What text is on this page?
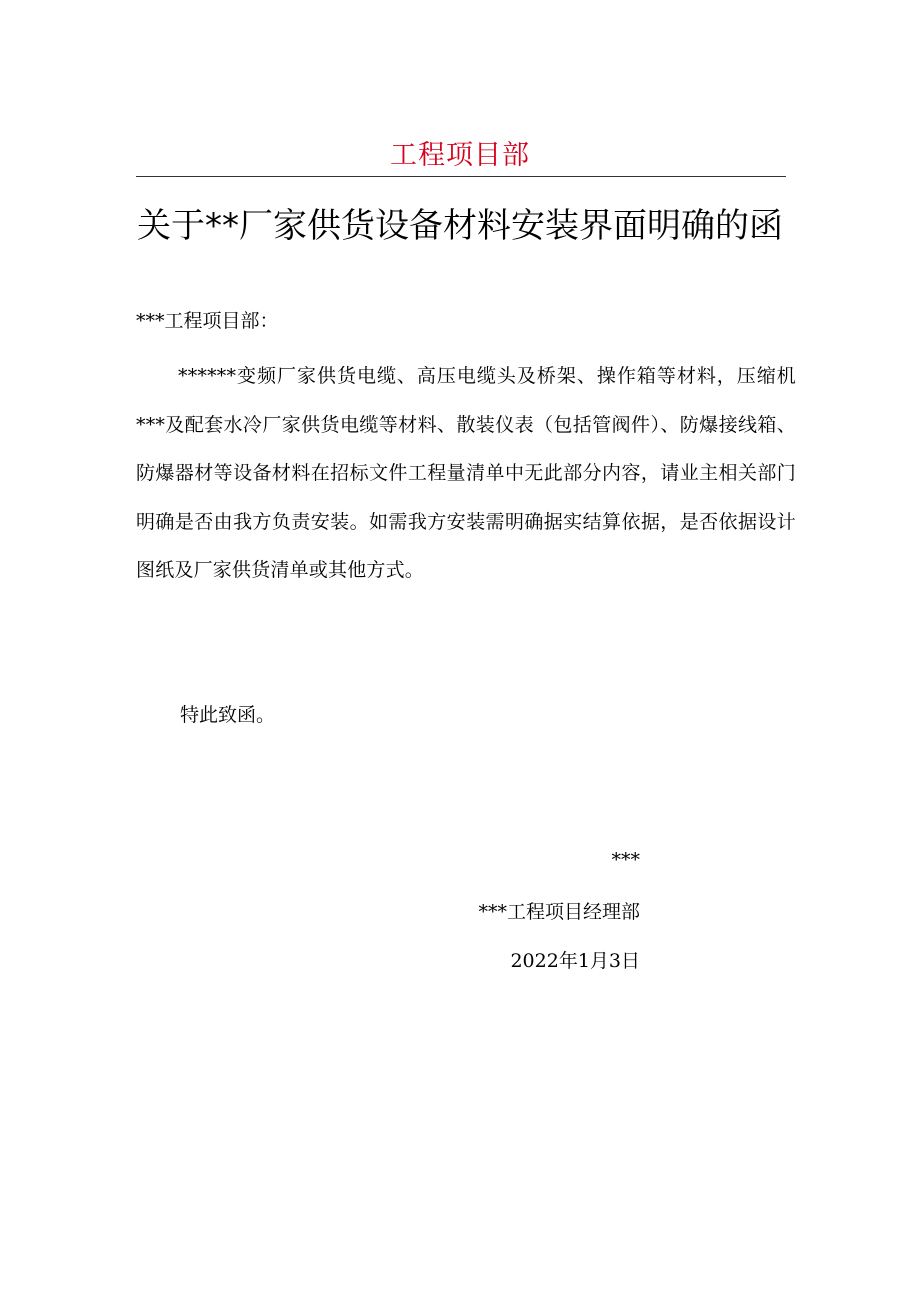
工程项目部
关于**厂家供货设备材料安装界面明确的函
***工程项目部：
******变频厂家供货电缆、高压电缆头及桥架、操作箱等材料，压缩机***及配套水冷厂家供货电缆等材料、散装仪表（包括管阀件）、防爆接线箱、防爆器材等设备材料在招标文件工程量清单中无此部分内容，请业主相关部门明确是否由我方负责安装。如需我方安装需明确据实结算依据，是否依据设计图纸及厂家供货清单或其他方式。
特此致函。
***
***工程项目经理部
2022年1月3日
